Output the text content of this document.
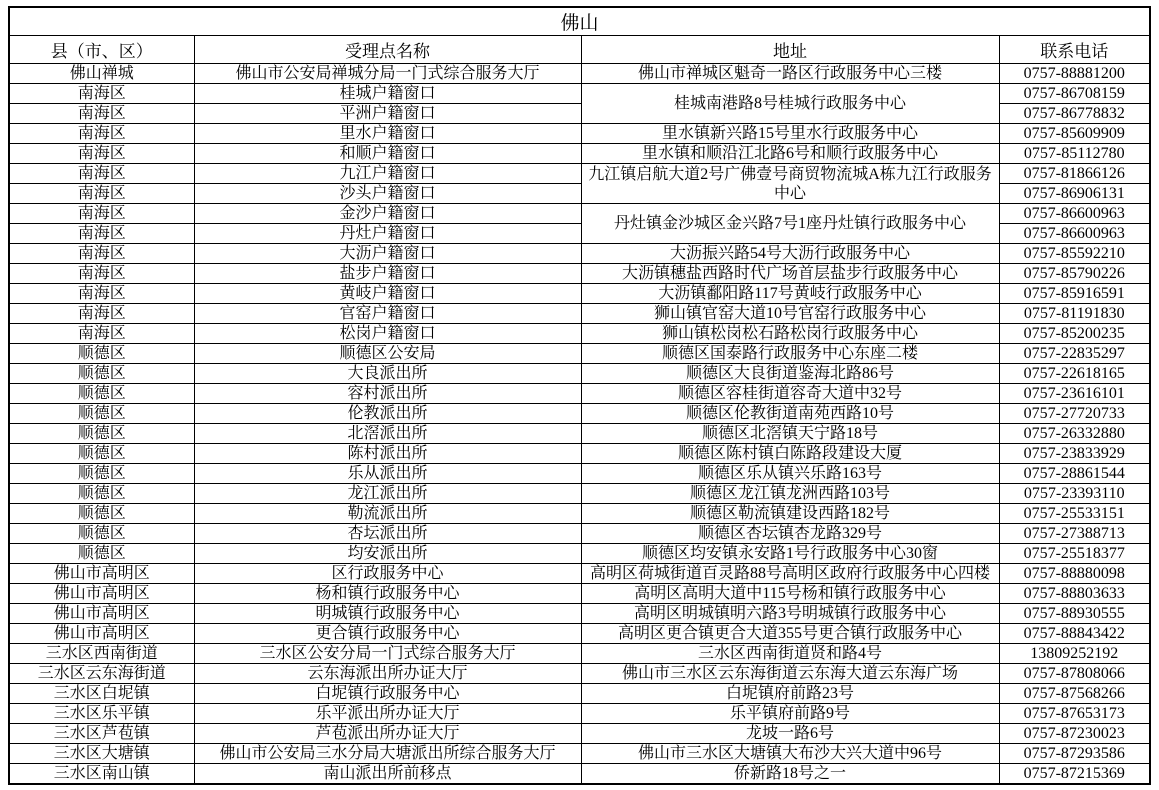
佛山			
县（市、区）	受理点名称	地址	联系电话
佛山禅城	佛山市公安局禅城分局一门式综合服务大厅	佛山市禅城区魁奇一路区行政服务中心三楼	0757-88881200
南海区	桂城户籍窗口	桂城南港路8号桂城行政服务中心	0757-86708159
南海区	平洲户籍窗口		0757-86778832
南海区	里水户籍窗口	里水镇新兴路15号里水行政服务中心	0757-85609909
南海区	和顺户籍窗口	里水镇和顺沿江北路6号和顺行政服务中心	0757-85112780
南海区	九江户籍窗口	九江镇启航大道2号广佛壹号商贸物流城A栋九江行政服务中心	0757-81866126
南海区	沙头户籍窗口		0757-86906131
南海区	金沙户籍窗口	丹灶镇金沙城区金兴路7号1座丹灶镇行政服务中心	0757-86600963
南海区	丹灶户籍窗口		0757-86600963
南海区	大沥户籍窗口	大沥振兴路54号大沥行政服务中心	0757-85592210
南海区	盐步户籍窗口	大沥镇穗盐西路时代广场首层盐步行政服务中心	0757-85790226
南海区	黄岐户籍窗口	大沥镇鄱阳路117号黄岐行政服务中心	0757-85916591
南海区	官窑户籍窗口	狮山镇官窑大道10号官窑行政服务中心	0757-81191830
南海区	松岗户籍窗口	狮山镇松岗松石路松岗行政服务中心	0757-85200235
顺德区	顺德区公安局	顺德区国泰路行政服务中心东座二楼	0757-22835297
顺德区	大良派出所	顺德区大良街道鉴海北路86号	0757-22618165
顺德区	容村派出所	顺德区容桂街道容奇大道中32号	0757-23616101
顺德区	伦教派出所	顺德区伦教街道南苑西路10号	0757-27720733
顺德区	北滘派出所	顺德区北滘镇天宁路18号	0757-26332880
顺德区	陈村派出所	顺德区陈村镇白陈路段建设大厦	0757-23833929
顺德区	乐从派出所	顺德区乐从镇兴乐路163号	0757-28861544
顺德区	龙江派出所	顺德区龙江镇龙洲西路103号	0757-23393110
顺德区	勒流派出所	顺德区勒流镇建设西路182号	0757-25533151
顺德区	杏坛派出所	顺德区杏坛镇杏龙路329号	0757-27388713
顺德区	均安派出所	顺德区均安镇永安路1号行政服务中心30窗	0757-25518377
佛山市高明区	区行政服务中心	高明区荷城街道百灵路88号高明区政府行政服务中心四楼	0757-88880098
佛山市高明区	杨和镇行政服务中心	高明区高明大道中115号杨和镇行政服务中心	0757-88803633
佛山市高明区	明城镇行政服务中心	高明区明城镇明六路3号明城镇行政服务中心	0757-88930555
佛山市高明区	更合镇行政服务中心	高明区更合镇更合大道355号更合镇行政服务中心	0757-88843422
三水区西南街道	三水区公安分局一门式综合服务大厅	三水区西南街道贤和路4号	13809252192
三水区云东海街道	云东海派出所办证大厅	佛山市三水区云东海街道云东海大道云东海广场	0757-87808066
三水区白坭镇	白坭镇行政服务中心	白坭镇府前路23号	0757-87568266
三水区乐平镇	乐平派出所办证大厅	乐平镇府前路9号	0757-87653173
三水区芦苞镇	芦苞派出所办证大厅	龙坡一路6号	0757-87230023
三水区大塘镇	佛山市公安局三水分局大塘派出所综合服务大厅	佛山市三水区大塘镇大布沙大兴大道中96号	0757-87293586
三水区南山镇	南山派出所前移点	侨新路18号之一	0757-87215369
